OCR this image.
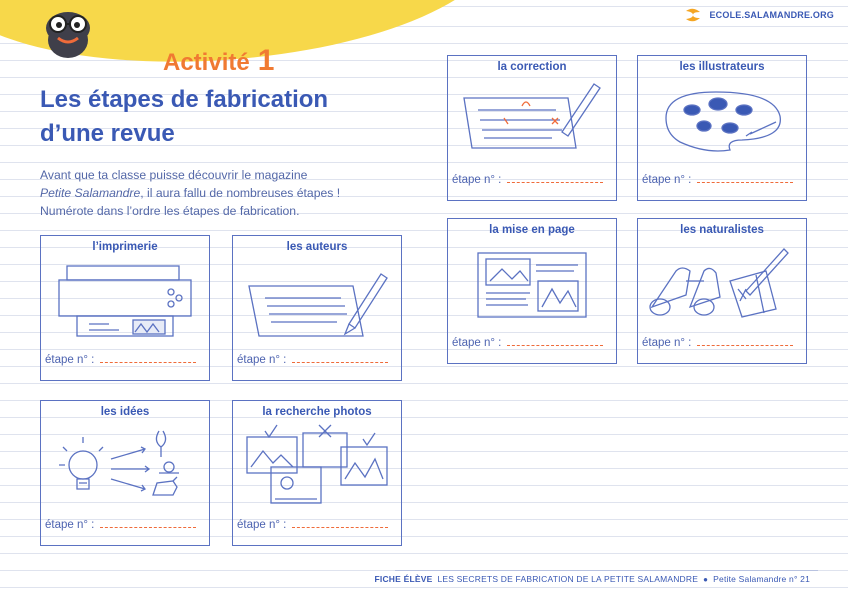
ECOLE.SALAMANDRE.ORG
Activité 1
Les étapes de fabrication d’une revue
Avant que ta classe puisse découvrir le magazine
Petite Salamandre, il aura fallu de nombreuses étapes !
Numérote dans l’ordre les étapes de fabrication.
l’imprimerie
étape n° :
les auteurs
étape n° :
les idées
étape n° :
la recherche photos
étape n° :
la correction
étape n° :
les illustrateurs
étape n° :
la mise en page
étape n° :
les naturalistes
étape n° :
FICHE ÉLÈVE LES SECRETS DE FABRICATION DE LA PETITE SALAMANDRE ● Petite Salamandre n° 21
